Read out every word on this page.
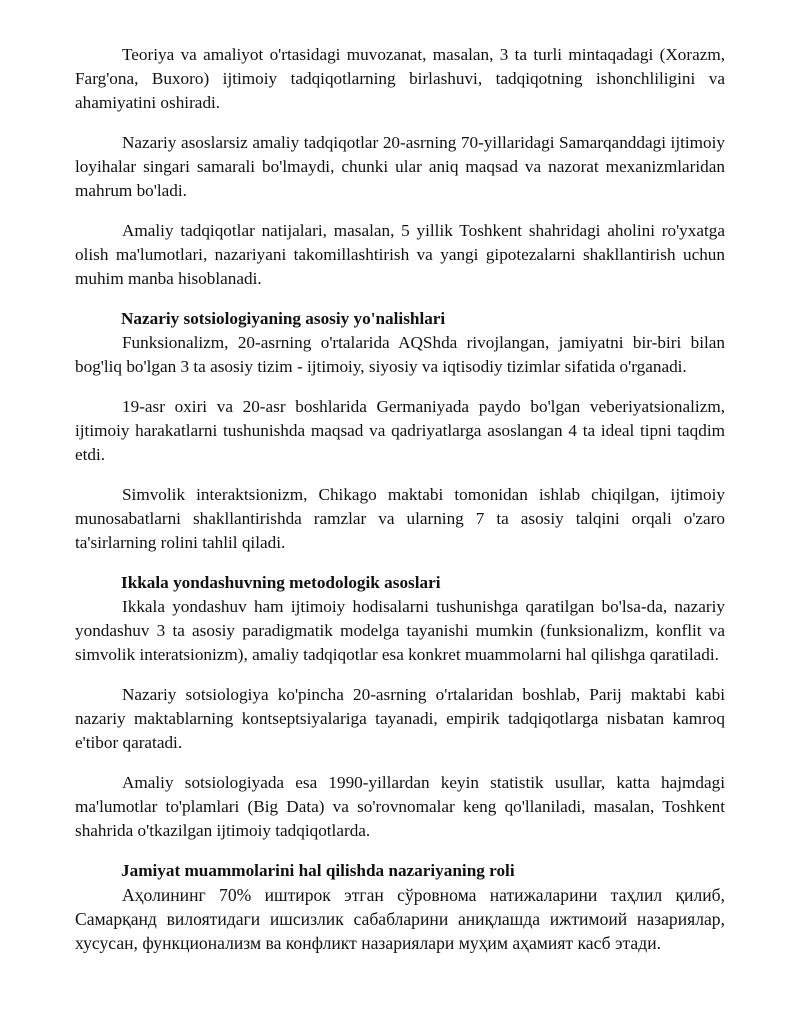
Teoriya va amaliyot o'rtasidagi muvozanat, masalan, 3 ta turli mintaqadagi (Xorazm, Farg'ona, Buxoro) ijtimoiy tadqiqotlarning birlashuvi, tadqiqotning ishonchliligini va ahamiyatini oshiradi.

Nazariy asoslarsiz amaliy tadqiqotlar 20-asrning 70-yillaridagi Samarqanddagi ijtimoiy loyihalar singari samarali bo'lmaydi, chunki ular aniq maqsad va nazorat mexanizmlaridan mahrum bo'ladi.

Amaliy tadqiqotlar natijalari, masalan, 5 yillik Toshkent shahridagi aholini ro'yxatga olish ma'lumotlari, nazariyani takomillashtirish va yangi gipotezalarni shakllantirish uchun muhim manba hisoblanadi.

Nazariy sotsiologiyaning asosiy yo'nalishlari

Funksionalizm, 20-asrning o'rtalarida AQShda rivojlangan, jamiyatni bir-biri bilan bog'liq bo'lgan 3 ta asosiy tizim - ijtimoiy, siyosiy va iqtisodiy tizimlar sifatida o'rganadi.

19-asr oxiri va 20-asr boshlarida Germaniyada paydo bo'lgan veberiyatsionalizm, ijtimoiy harakatlarni tushunishda maqsad va qadriyatlarga asoslangan 4 ta ideal tipni taqdim etdi.

Simvolik interaktsionizm, Chikago maktabi tomonidan ishlab chiqilgan, ijtimoiy munosabatlarni shakllantirishda ramzlar va ularning 7 ta asosiy talqini orqali o'zaro ta'sirlarning rolini tahlil qiladi.

Ikkala yondashuvning metodologik asoslari

Ikkala yondashuv ham ijtimoiy hodisalarni tushunishga qaratilgan bo'lsa-da, nazariy yondashuv 3 ta asosiy paradigmatik modelga tayanishi mumkin (funksionalizm, konflit va simvolik interatsionizm), amaliy tadqiqotlar esa konkret muammolarni hal qilishga qaratiladi.

Nazariy sotsiologiya ko'pincha 20-asrning o'rtalaridan boshlab, Parij maktabi kabi nazariy maktablarning kontseptsiyalariga tayanadi, empirik tadqiqotlarga nisbatan kamroq e'tibor qaratadi.

Amaliy sotsiologiyada esa 1990-yillardan keyin statistik usullar, katta hajmdagi ma'lumotlar to'plamlari (Big Data) va so'rovnomalar keng qo'llaniladi, masalan, Toshkent shahrida o'tkazilgan ijtimoiy tadqiqotlarda.

Jamiyat muammolarini hal qilishda nazariyaning roli

Аҳолининг 70% иштирок этган сўровнома натижаларини таҳлил қилиб, Самарқанд вилоятидаги ишсизлик сабабларини аниқлашда ижтимоий назариялар, хусусан, функционализм ва конфликт назариялари муҳим аҳамият касб этади.
